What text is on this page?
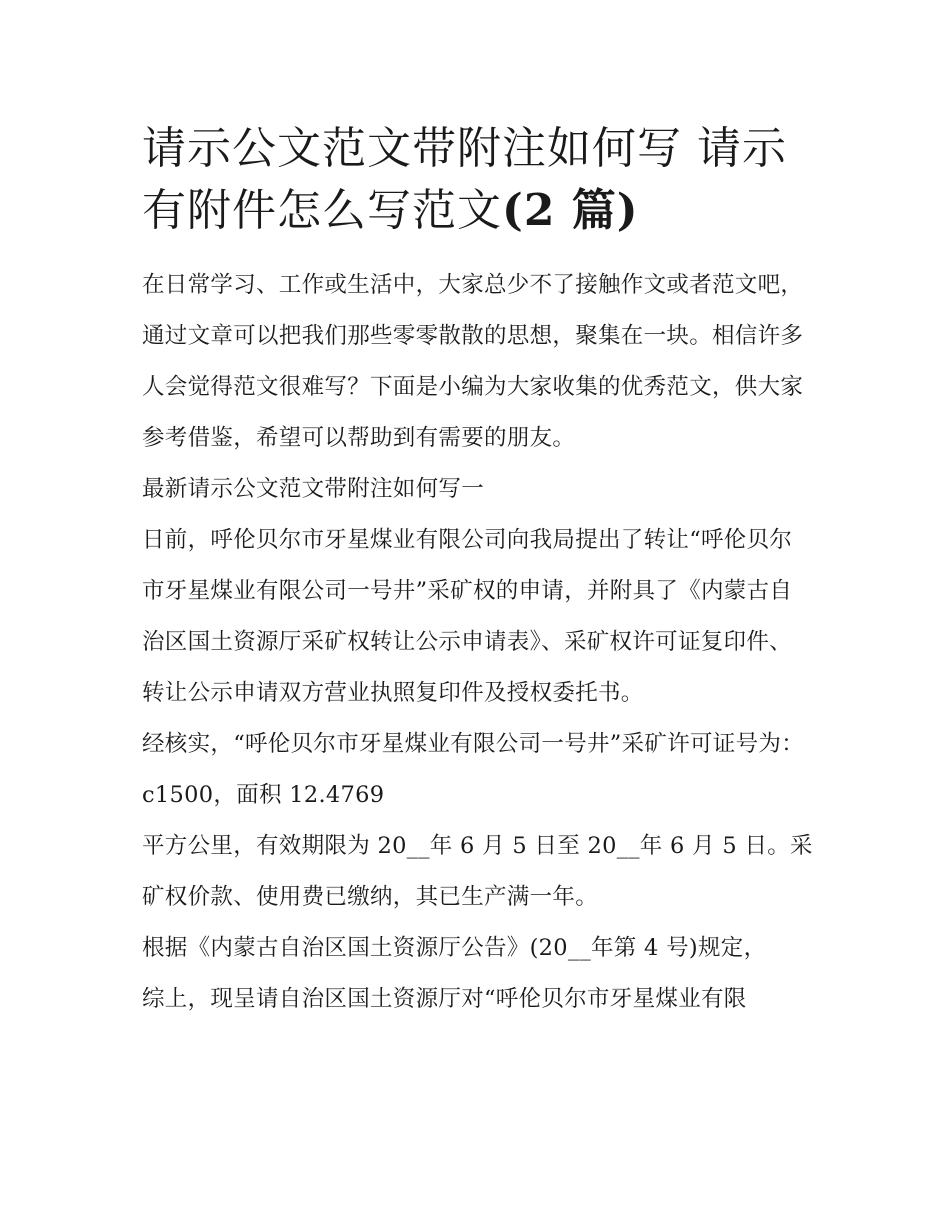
请示公文范文带附注如何写 请示有附件怎么写范文(2 篇)

在日常学习、工作或生活中，大家总少不了接触作文或者范文吧，通过文章可以把我们那些零零散散的思想，聚集在一块。相信许多人会觉得范文很难写？下面是小编为大家收集的优秀范文，供大家参考借鉴，希望可以帮助到有需要的朋友。

最新请示公文范文带附注如何写一

日前，呼伦贝尔市牙星煤业有限公司向我局提出了转让“呼伦贝尔市牙星煤业有限公司一号井”采矿权的申请，并附具了《内蒙古自治区国土资源厅采矿权转让公示申请表》、采矿权许可证复印件、转让公示申请双方营业执照复印件及授权委托书。

经核实，“呼伦贝尔市牙星煤业有限公司一号井”采矿许可证号为：c1500，面积 12.4769

平方公里，有效期限为 20__年 6 月 5 日至 20__年 6 月 5 日。采矿权价款、使用费已缴纳，其已生产满一年。

根据《内蒙古自治区国土资源厅公告》(20__年第 4 号)规定，

综上，现呈请自治区国土资源厅对“呼伦贝尔市牙星煤业有限
